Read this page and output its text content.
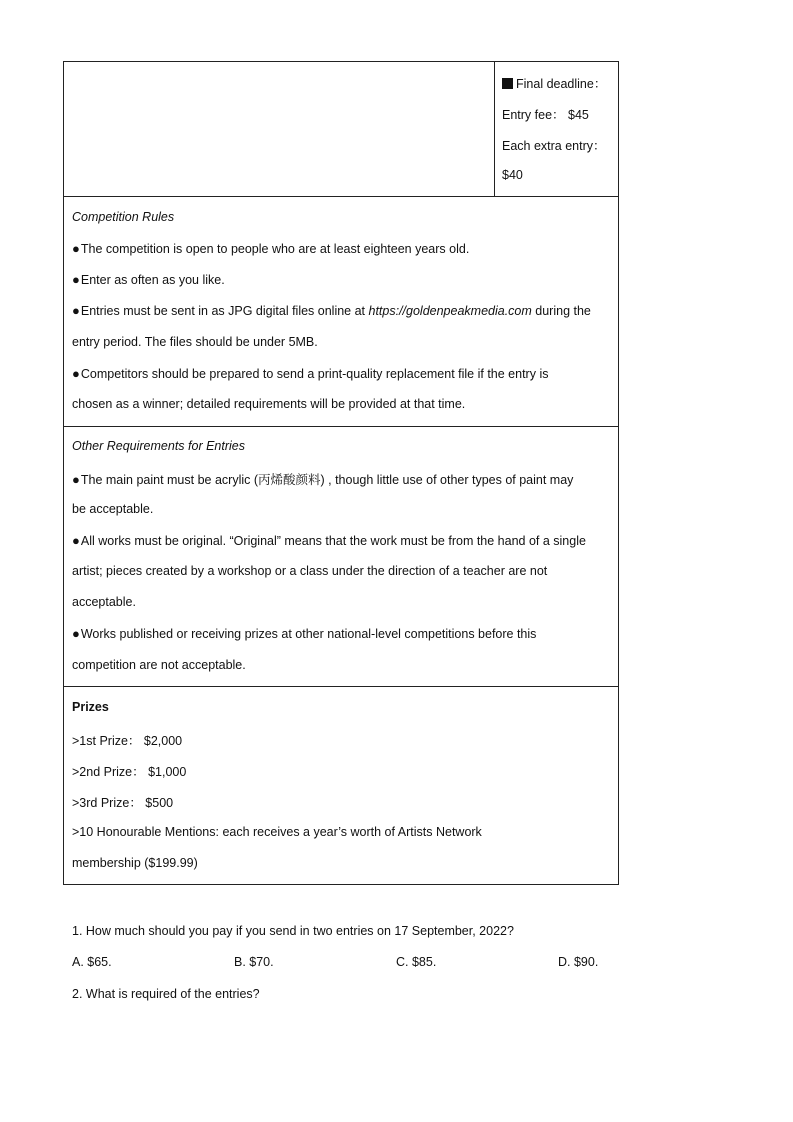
Final deadline：
Entry fee： $45
Each extra entry：
$40
Competition Rules
● The competition is open to people who are at least eighteen years old.
● Enter as often as you like.
● Entries must be sent in as JPG digital files online at https://goldenpeakmedia.com during the
entry period. The files should be under 5MB.
● Competitors should be prepared to send a print-quality replacement file if the entry is
chosen as a winner; detailed requirements will be provided at that time.
Other Requirements for Entries
● The main paint must be acrylic (丙烯酸颜料) , though little use of other types of paint may
be acceptable.
● All works must be original. “Original” means that the work must be from the hand of a single
artist; pieces created by a workshop or a class under the direction of a teacher are not
acceptable.
● Works published or receiving prizes at other national-level competitions before this
competition are not acceptable.
Prizes
>1st Prize： $2,000
>2nd Prize： $1,000
>3rd Prize： $500
>10 Honourable Mentions: each receives a year’s worth of Artists Network
membership ($199.99)
1. How much should you pay if you send in two entries on 17 September, 2022?
A. $65.	B. $70.	C. $85.	D. $90.
2. What is required of the entries?
